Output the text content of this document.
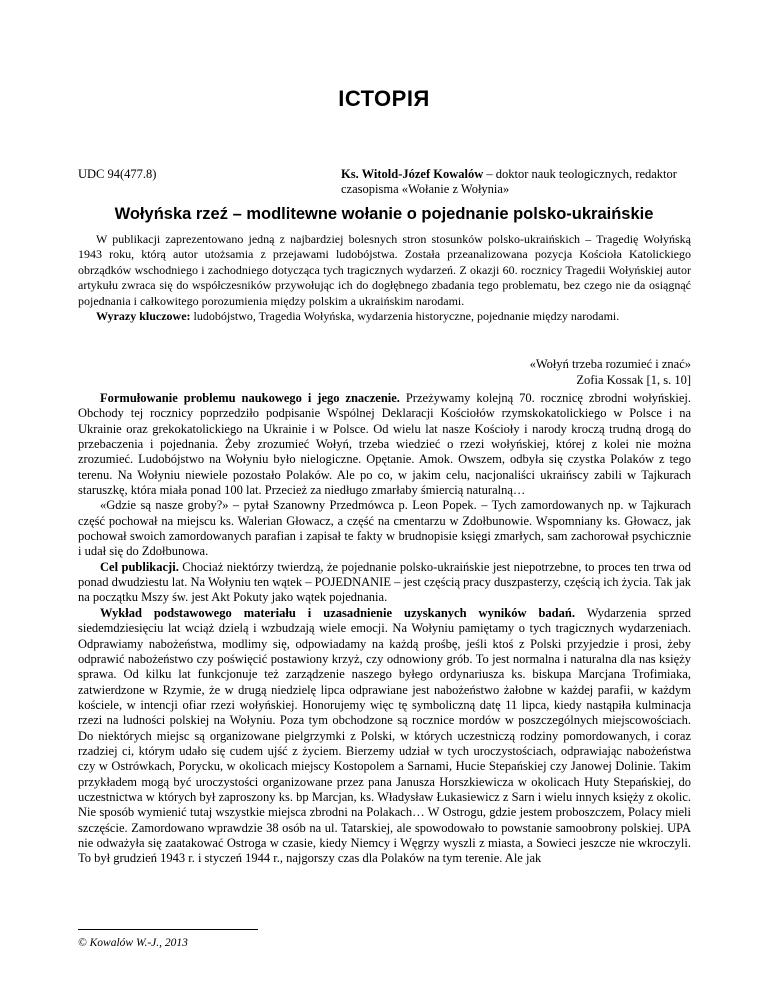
ІСТОРІЯ
UDC 94(477.8)	Ks. Witold-Józef Kowalów – doktor nauk teologicznych, redaktor czasopisma «Wołanie z Wołynia»
Wołyńska rzeź – modlitewne wołanie o pojednanie polsko-ukraińskie

W publikacji zaprezentowano jedną z najbardziej bolesnych stron stosunków polsko-ukraińskich – Tragedię Wołyńską 1943 roku, którą autor utożsamia z przejawami ludobójstwa. Została przeanalizowana pozycja Kościoła Katolickiego obrządków wschodniego i zachodniego dotycząca tych tragicznych wydarzeń. Z okazji 60. rocznicy Tragedii Wołyńskiej autor artykułu zwraca się do współczesników przywołując ich do dogłębnego zbadania tego problematu, bez czego nie da osiągnąć pojednania i całkowitego porozumienia między polskim a ukraińskim narodami.

Wyrazy kluczowe: ludobójstwo, Tragedia Wołyńska, wydarzenia historyczne, pojednanie między narodami.

«Wołyń trzeba rozumieć i znać»
Zofia Kossak [1, s. 10]

Formułowanie problemu naukowego i jego znaczenie. Przeżywamy kolejną 70. rocznicę zbrodni wołyńskiej. Obchody tej rocznicy poprzedziło podpisanie Wspólnej Deklaracji Kościołów rzymskokatolickiego w Polsce i na Ukrainie oraz grekokatolickiego na Ukrainie i w Polsce. Od wielu lat nasze Kościoły i narody kroczą trudną drogą do przebaczenia i pojednania. Żeby zrozumieć Wołyń, trzeba wiedzieć o rzezi wołyńskiej, której z kolei nie można zrozumieć. Ludobójstwo na Wołyniu było nielogiczne. Opętanie. Amok. Owszem, odbyła się czystka Polaków z tego terenu. Na Wołyniu niewiele pozostało Polaków. Ale po co, w jakim celu, nacjonaliści ukraińscy zabili w Tajkurach staruszkę, która miała ponad 100 lat. Przecież za niedługo zmarłaby śmiercią naturalną…

«Gdzie są nasze groby?» – pytał Szanowny Przedmówca p. Leon Popek. – Tych zamordowanych np. w Tajkurach część pochował na miejscu ks. Walerian Głowacz, a część na cmentarzu w Zdołbunowie. Wspomniany ks. Głowacz, jak pochował swoich zamordowanych parafian i zapisał te fakty w brudnopisie księgi zmarłych, sam zachorował psychicznie i udał się do Zdołbunowa.

Cel publikacji. Chociaż niektórzy twierdzą, że pojednanie polsko-ukraińskie jest niepotrzebne, to proces ten trwa od ponad dwudziestu lat. Na Wołyniu ten wątek – POJEDNANIE – jest częścią pracy duszpasterzy, częścią ich życia. Tak jak na początku Mszy św. jest Akt Pokuty jako wątek pojednania.

Wykład podstawowego materiału i uzasadnienie uzyskanych wyników badań. Wydarzenia sprzed siedemdziesięciu lat wciąż dzielą i wzbudzają wiele emocji. Na Wołyniu pamiętamy o tych tragicznych wydarzeniach. Odprawiamy nabożeństwa, modlimy się, odpowiadamy na każdą prośbę, jeśli ktoś z Polski przyjedzie i prosi, żeby odprawić nabożeństwo czy poświęcić postawiony krzyż, czy odnowiony grób. To jest normalna i naturalna dla nas księży sprawa. Od kilku lat funkcjonuje też zarządzenie naszego byłego ordynariusza ks. biskupa Marcjana Trofimiaka, zatwierdzone w Rzymie, że w drugą niedzielę lipca odprawiane jest nabożeństwo żałobne w każdej parafii, w każdym kościele, w intencji ofiar rzezi wołyńskiej. Honorujemy więc tę symboliczną datę 11 lipca, kiedy nastąpiła kulminacja rzezi na ludności polskiej na Wołyniu. Poza tym obchodzone są rocznice mordów w poszczególnych miejscowościach. Do niektórych miejsc są organizowane pielgrzymki z Polski, w których uczestniczą rodziny pomordowanych, i coraz rzadziej ci, którym udało się cudem ujść z życiem. Bierzemy udział w tych uroczystościach, odprawiając nabożeństwa czy w Ostrówkach, Porycku, w okolicach miejscy Kostopolem a Sarnami, Hucie Stepańskiej czy Janowej Dolinie. Takim przykładem mogą być uroczystości organizowane przez pana Janusza Horszkiewicza w okolicach Huty Stepańskiej, do uczestnictwa w których był zaproszony ks. bp Marcjan, ks. Władysław Łukasiewicz z Sarn i wielu innych księży z okolic. Nie sposób wymienić tutaj wszystkie miejsca zbrodni na Polakach… W Ostrogu, gdzie jestem proboszczem, Polacy mieli szczęście. Zamordowano wprawdzie 38 osób na ul. Tatarskiej, ale spowodowało to powstanie samoobrony polskiej. UPA nie odważyła się zaatakować Ostroga w czasie, kiedy Niemcy i Węgrzy wyszli z miasta, a Sowieci jeszcze nie wkroczyli. To był grudzień 1943 r. i styczeń 1944 r., najgorszy czas dla Polaków na tym terenie. Ale jak

© Kowalów W.-J., 2013
